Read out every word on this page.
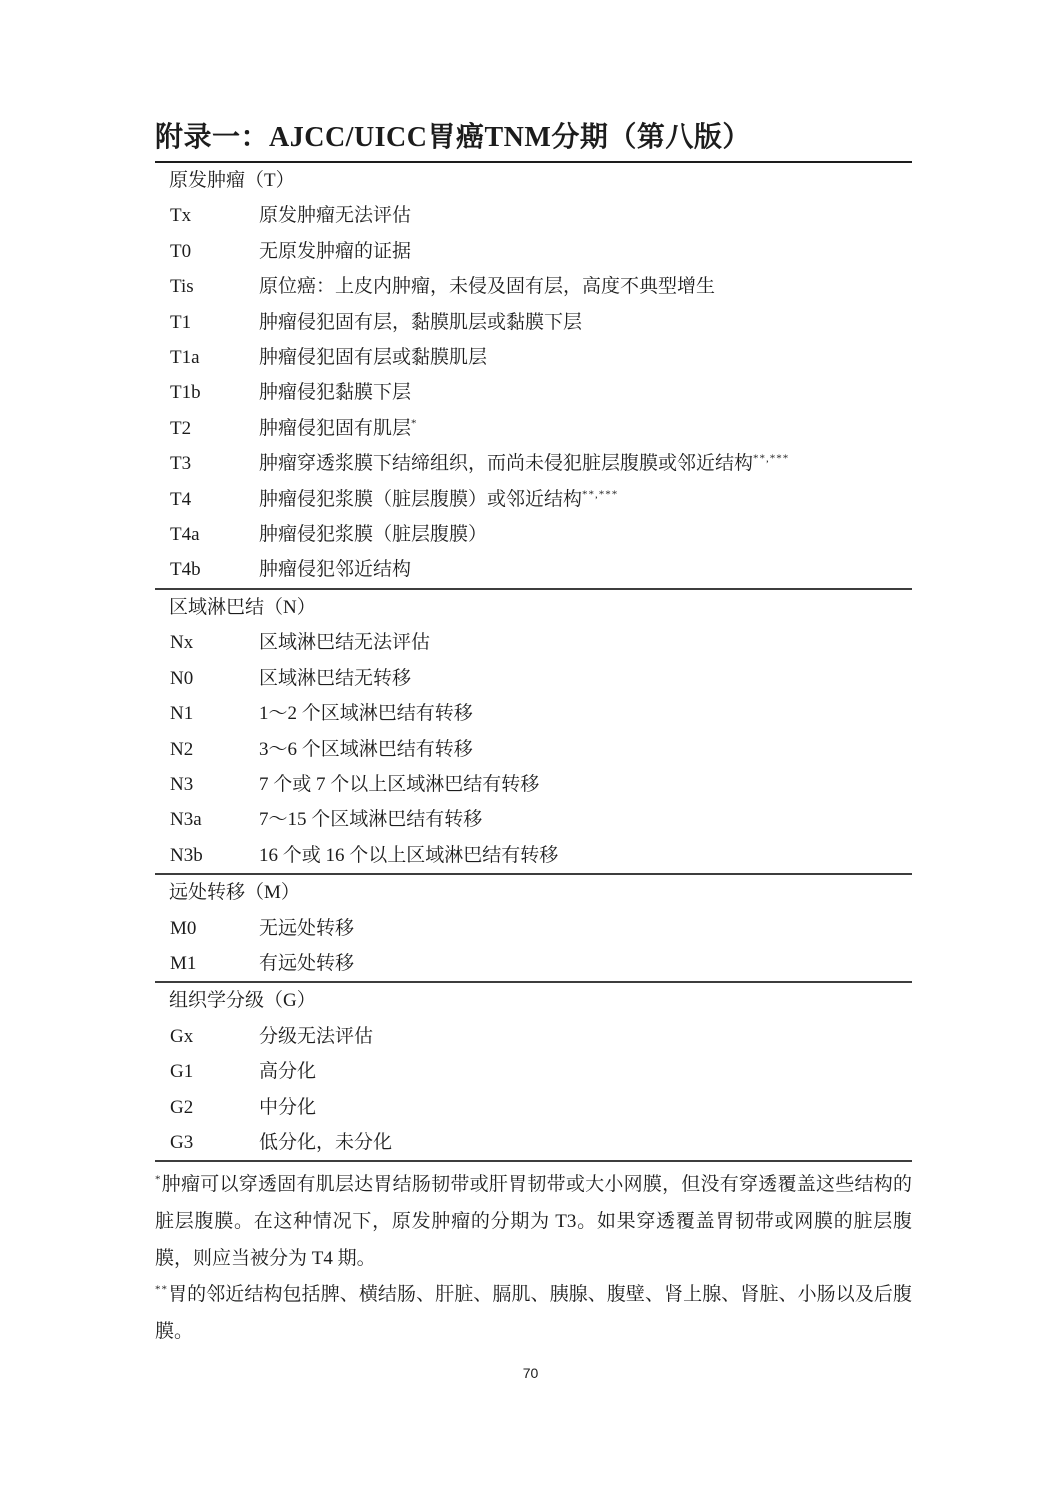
附录一：AJCC/UICC胃癌TNM分期（第八版）
原发肿瘤（T）
Tx	原发肿瘤无法评估
T0	无原发肿瘤的证据
Tis	原位癌：上皮内肿瘤，未侵及固有层，高度不典型增生
T1	肿瘤侵犯固有层，黏膜肌层或黏膜下层
T1a	肿瘤侵犯固有层或黏膜肌层
T1b	肿瘤侵犯黏膜下层
T2	肿瘤侵犯固有肌层*
T3	肿瘤穿透浆膜下结缔组织，而尚未侵犯脏层腹膜或邻近结构**,***
T4	肿瘤侵犯浆膜（脏层腹膜）或邻近结构**,***
T4a	肿瘤侵犯浆膜（脏层腹膜）
T4b	肿瘤侵犯邻近结构
区域淋巴结（N）
Nx	区域淋巴结无法评估
N0	区域淋巴结无转移
N1	1～2 个区域淋巴结有转移
N2	3～6 个区域淋巴结有转移
N3	7 个或 7 个以上区域淋巴结有转移
N3a	7～15 个区域淋巴结有转移
N3b	16 个或 16 个以上区域淋巴结有转移
远处转移（M）
M0	无远处转移
M1	有远处转移
组织学分级（G）
Gx	分级无法评估
G1	高分化
G2	中分化
G3	低分化，未分化
*肿瘤可以穿透固有肌层达胃结肠韧带或肝胃韧带或大小网膜，但没有穿透覆盖这些结构的脏层腹膜。在这种情况下，原发肿瘤的分期为 T3。如果穿透覆盖胃韧带或网膜的脏层腹膜，则应当被分为 T4 期。
**胃的邻近结构包括脾、横结肠、肝脏、膈肌、胰腺、腹壁、肾上腺、肾脏、小肠以及后腹膜。
70
